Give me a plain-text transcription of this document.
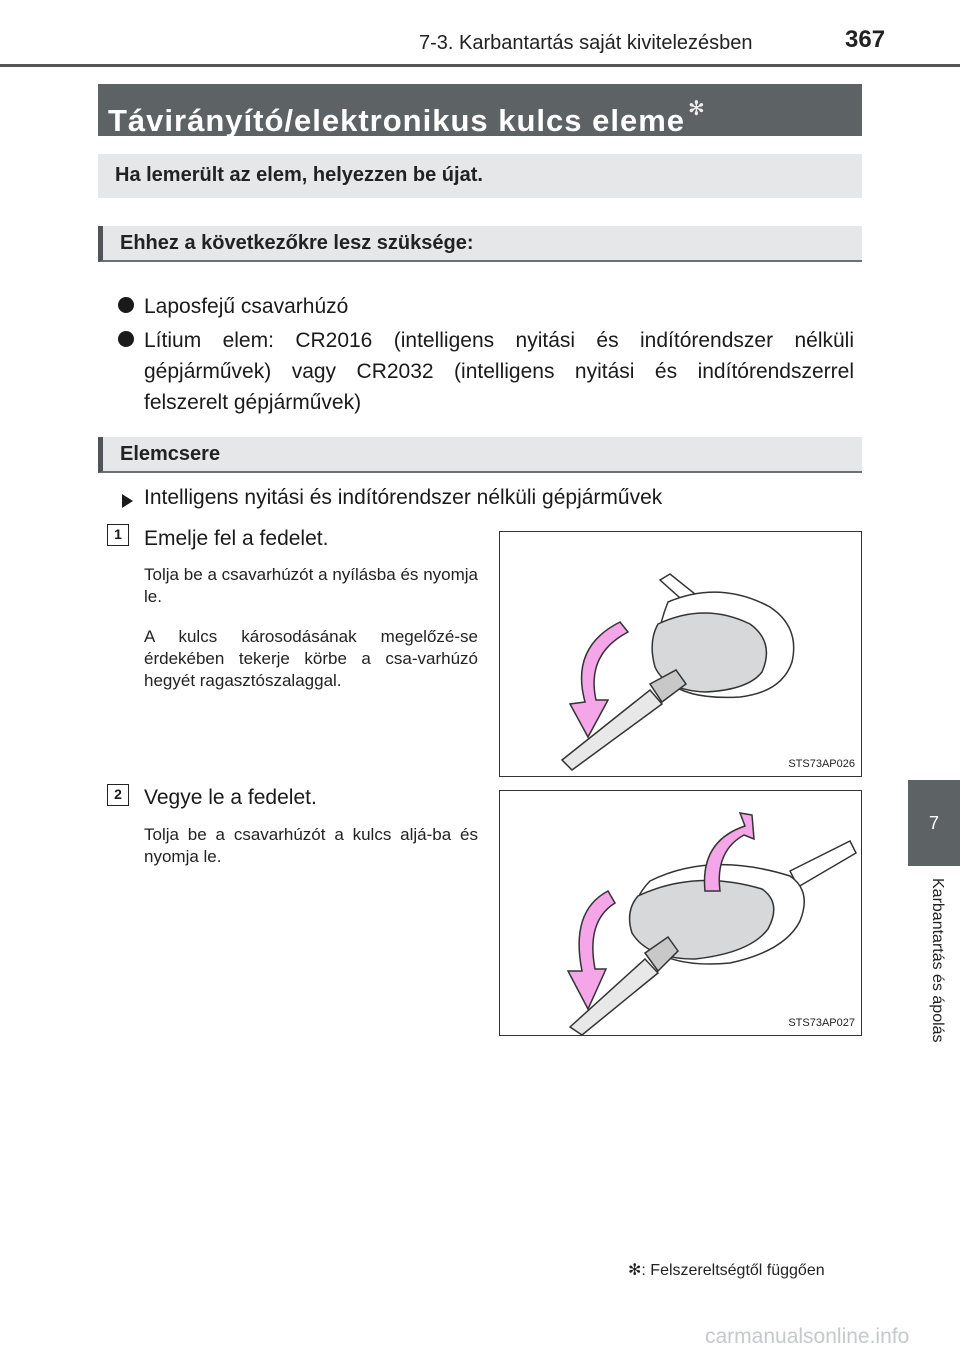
7-3. Karbantartás saját kivitelezésben	367
Távirányító/elektronikus kulcs eleme ✻
Ha lemerült az elem, helyezzen be újat.
Ehhez a következőkre lesz szüksége:
Laposfejű csavarhúzó
Lítium elem: CR2016 (intelligens nyitási és indítórendszer nélküli gépjárművek) vagy CR2032 (intelligens nyitási és indítórendszerrel felszerelt gépjárművek)
Elemcsere
Intelligens nyitási és indítórendszer nélküli gépjárművek
1	Emelje fel a fedelet.
Tolja be a csavarhúzót a nyílásba és nyomja le.
A kulcs károsodásának megelőzé-se érdekében tekerje körbe a csa-varhúzó hegyét ragasztószalaggal.
STS73AP026
2	Vegye le a fedelet.
Tolja be a csavarhúzót a kulcs aljá-ba és nyomja le.
STS73AP027
✻: Felszereltségtől függően
7
Karbantartás és ápolás
carmanualsonline.info
